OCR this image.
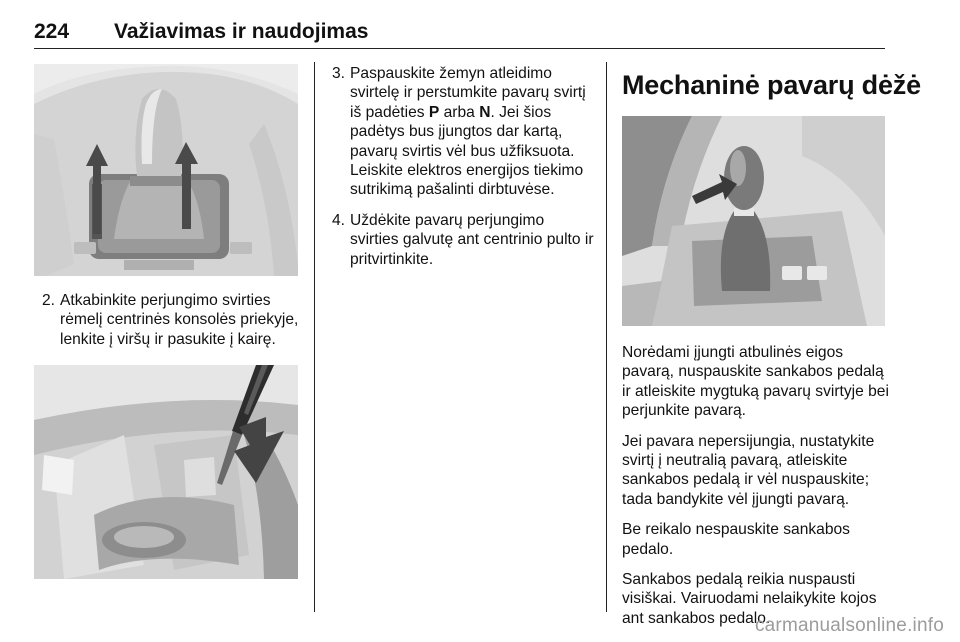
224 Važiavimas ir naudojimas
2. Atkabinkite perjungimo svirties rėmelį centrinės konsolės priekyje, lenkite į viršų ir pasukite į kairę.
3. Paspauskite žemyn atleidimo svirtelę ir perstumkite pavarų svirtį iš padėties P arba N. Jei šios padėtys bus įjungtos dar kartą, pavarų svirtis vėl bus užfiksuota. Leiskite elektros energijos tiekimo sutrikimą pašalinti dirbtuvėse.
4. Uždėkite pavarų perjungimo svirties galvutę ant centrinio pulto ir pritvirtinkite.
Mechaninė pavarų dėžė

Norėdami įjungti atbulinės eigos pavarą, nuspauskite sankabos pedalą ir atleiskite mygtuką pavarų svirtyje bei perjunkite pavarą.

Jei pavara nepersijungia, nustatykite svirtį į neutralią pavarą, atleiskite sankabos pedalą ir vėl nuspauskite; tada bandykite vėl įjungti pavarą.

Be reikalo nespauskite sankabos pedalo.

Sankabos pedalą reikia nuspausti visiškai. Vairuodami nelaikykite kojos ant sankabos pedalo.

carmanualsonline.info
